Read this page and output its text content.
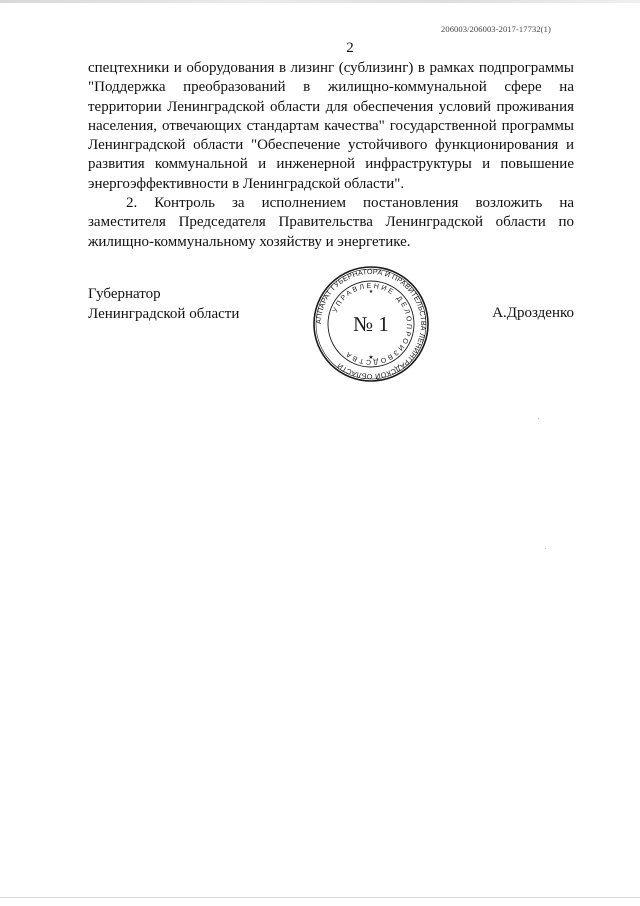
206003/206003-2017-17732(1)
2

спецтехники и оборудования в лизинг (сублизинг) в рамках подпрограммы "Поддержка преобразований в жилищно-коммунальной сфере на территории Ленинградской области для обеспечения условий проживания населения, отвечающих стандартам качества" государственной программы Ленинградской области "Обеспечение устойчивого функционирования и развития коммунальной и инженерной инфраструктуры и повышение энергоэффективности в Ленинградской области".

2. Контроль за исполнением постановления возложить на заместителя Председателя Правительства Ленинградской области по жилищно-коммунальному хозяйству и энергетике.

Губернатор
Ленинградской области	АППАРАТ ГУБЕРНАТОРА И ПРАВИТЕЛЬСТВА ЛЕНИНГРАДСКОЙ ОБЛАСТИ
УПРАВЛЕНИЕ ДЕЛОПРОИЗВОДСТВА
№ 1
★
★
А.Дрозденко
